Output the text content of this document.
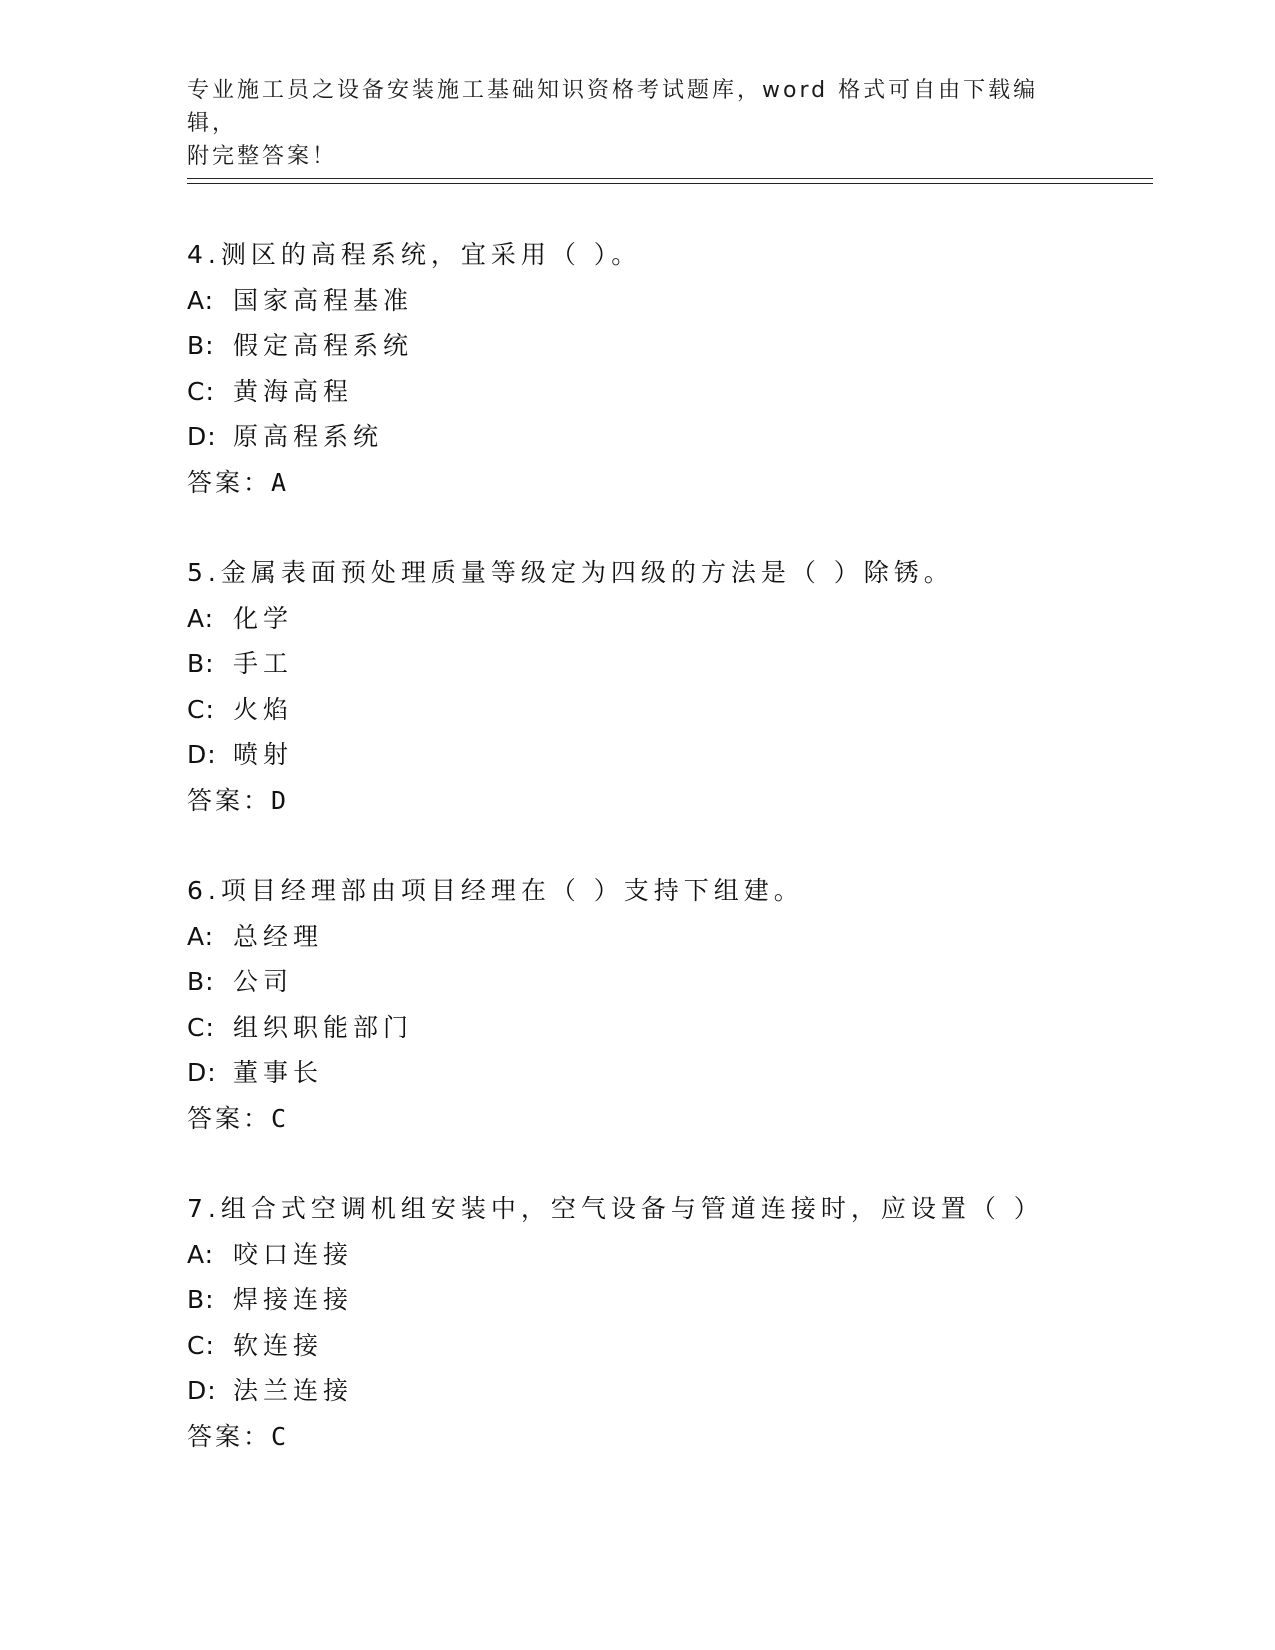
专业施工员之设备安装施工基础知识资格考试题库，word 格式可自由下载编辑，
附完整答案！
4.测区的高程系统，宜采用（ ）。
A: 国家高程基准
B: 假定高程系统
C: 黄海高程
D: 原高程系统
答案：A
5.金属表面预处理质量等级定为四级的方法是（ ）除锈。
A: 化学
B: 手工
C: 火焰
D: 喷射
答案：D
6.项目经理部由项目经理在（ ）支持下组建。
A: 总经理
B: 公司
C: 组织职能部门
D: 董事长
答案：C
7.组合式空调机组安装中，空气设备与管道连接时，应设置（ ）
A: 咬口连接
B: 焊接连接
C: 软连接
D: 法兰连接
答案：C
